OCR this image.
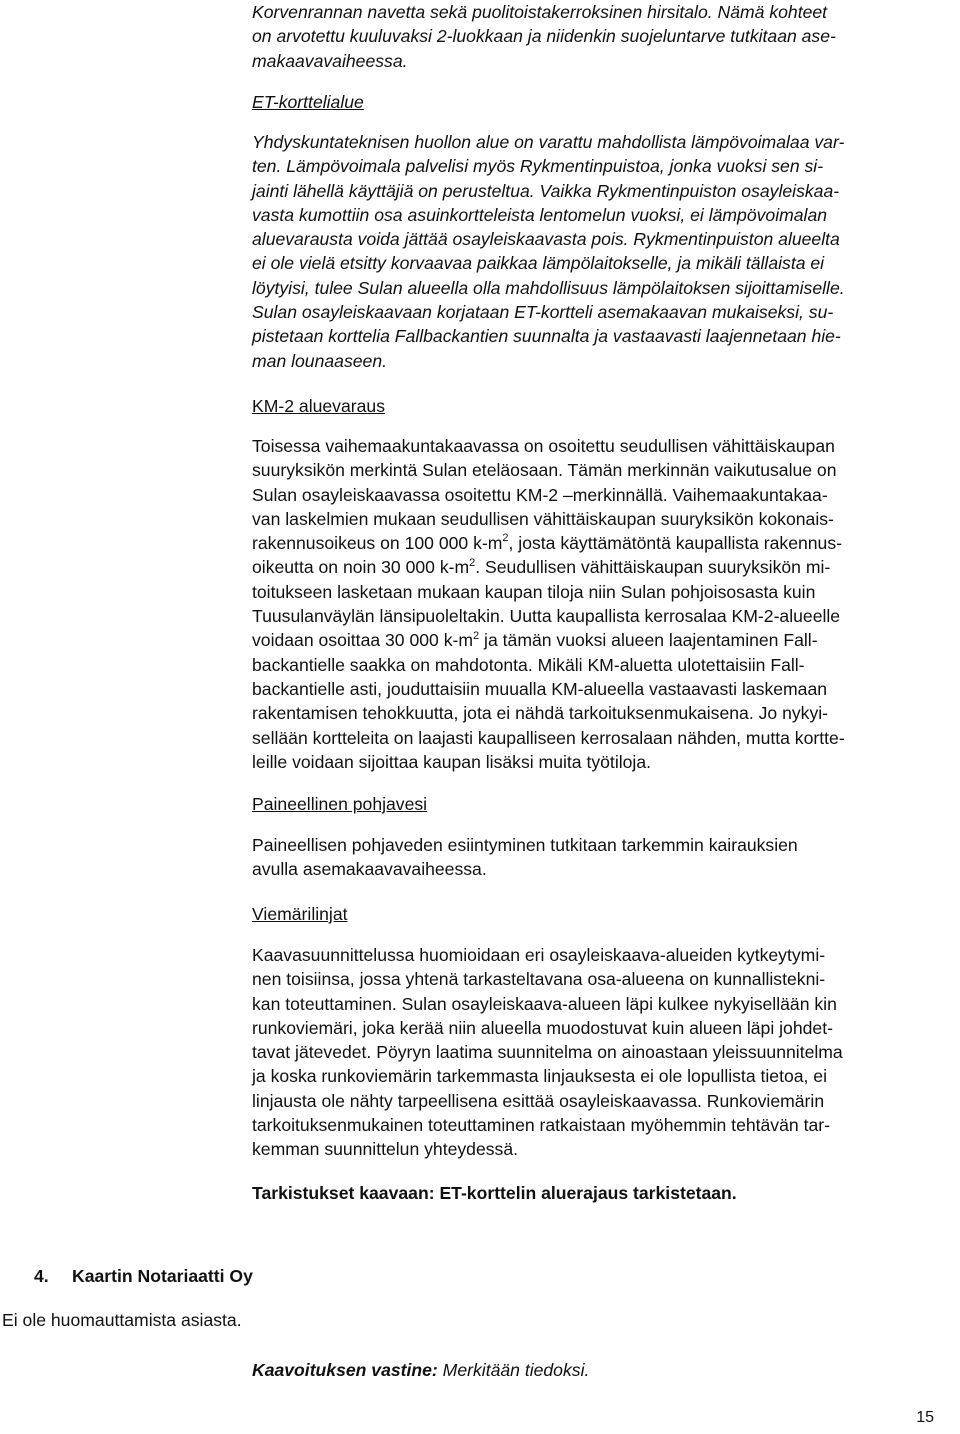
Korvenrannan navetta sekä puolitoistakerroksinen hirsitalo. Nämä kohteet
on arvotettu kuuluvaksi 2-luokkaan ja niidenkin suojeluntarve tutkitaan ase-
makaavavaiheessa.
ET-korttelialue
Yhdyskuntateknisen huollon alue on varattu mahdollista lämpövoimalaa var-
ten. Lämpövoimala palvelisi myös Rykmentinpuistoa, jonka vuoksi sen si-
jainti lähellä käyttäjiä on perusteltua. Vaikka Rykmentinpuiston osayleiskaa-
vasta kumottiin osa asuinkortteleista lentomelun vuoksi, ei lämpövoimalan
aluevarausta voida jättää osayleiskaavasta pois. Rykmentinpuiston alueelta
ei ole vielä etsitty korvaavaa paikkaa lämpölaitokselle, ja mikäli tällaista ei
löytyisi, tulee Sulan alueella olla mahdollisuus lämpölaitoksen sijoittamiselle.
Sulan osayleiskaavaan korjataan ET-kortteli asemakaavan mukaiseksi, su-
pistetaan korttelia Fallbackantien suunnalta ja vastaavasti laajennetaan hie-
man lounaaseen.
KM-2 aluevaraus
Toisessa vaihemaakuntakaavassa on osoitettu seudullisen vähittäiskaupan
suuryksikön merkintä Sulan eteläosaan. Tämän merkinnän vaikutusalue on
Sulan osayleiskaavassa osoitettu KM-2 –merkinnällä. Vaihemaakuntakaa-
van laskelmien mukaan seudullisen vähittäiskaupan suuryksikön kokonais-
rakennusoikeus on 100 000 $k-m^2$, josta käyttämätöntä kaupallista rakennus-
oikeutta on noin 30 000 $k-m^2$. Seudullisen vähittäiskaupan suuryksikön mi-
toitukseen lasketaan mukaan kaupan tiloja niin Sulan pohjoisosasta kuin
Tuusulanväylän länsipuoleltakin. Uutta kaupallista kerrosalaa KM-2-alueelle
voidaan osoittaa 30 000 $k-m^2$ ja tämän vuoksi alueen laajentaminen Fall-
backantielle saakka on mahdotonta. Mikäli KM-aluetta ulotettaisiin Fall-
backantielle asti, jouduttaisiin muualla KM-alueella vastaavasti laskemaan
rakentamisen tehokkuutta, jota ei nähdä tarkoituksenmukaisena. Jo nykyi-
sellään kortteleita on laajasti kaupalliseen kerrosalaan nähden, mutta kortte-
leille voidaan sijoittaa kaupan lisäksi muita työtiloja.
Paineellinen pohjavesi
Paineellisen pohjaveden esiintyminen tutkitaan tarkemmin kairauksien
avulla asemakaavavaiheessa.
Viemärilinjat
Kaavasuunnittelussa huomioidaan eri osayleiskaava-alueiden kytkeytymi-
nen toisiinsa, jossa yhtenä tarkasteltavana osa-alueena on kunnallistekni-
kan toteuttaminen. Sulan osayleiskaava-alueen läpi kulkee nykyisellään kin
runkoviemäri, joka kerää niin alueella muodostuvat kuin alueen läpi johdet-
tavat jätevedet. Pöyryn laatima suunnitelma on ainoastaan yleissuunnitelma
ja koska runkoviemärin tarkemmasta linjauksesta ei ole lopullista tietoa, ei
linjausta ole nähty tarpeellisena esittää osayleiskaavassa. Runkoviemärin
tarkoituksenmukainen toteuttaminen ratkaistaan myöhemmin tehtävän tar-
kemman suunnittelun yhteydessä.
Tarkistukset kaavaan: ET-korttelin aluerajaus tarkistetaan.
4. Kaartin Notariaatti Oy
Ei ole huomauttamista asiasta.
Kaavoituksen vastine: Merkitään tiedoksi.
15
